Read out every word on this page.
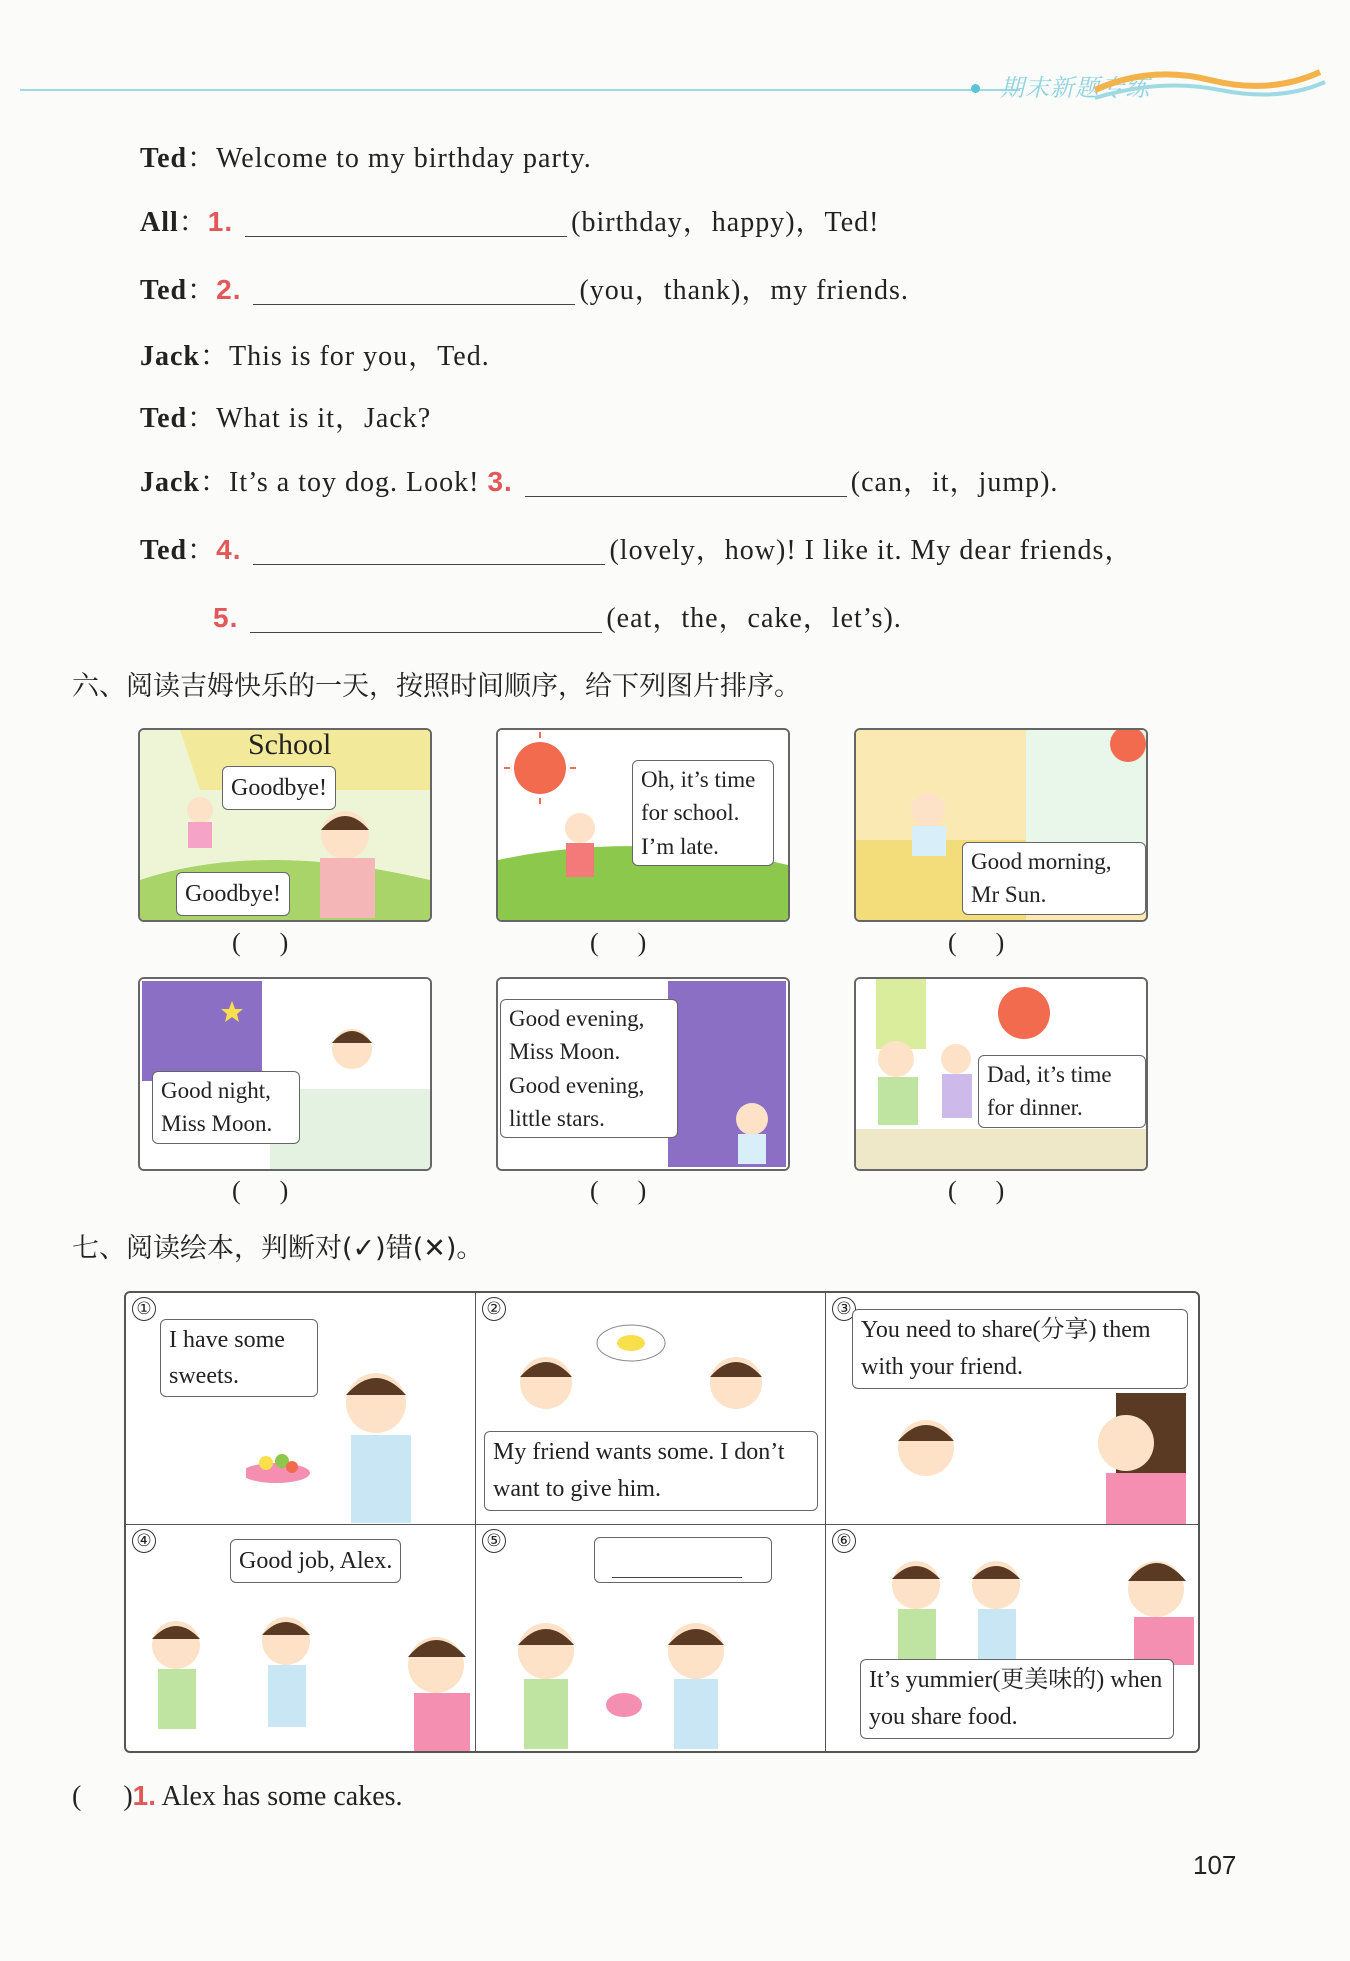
期末新题专练
Ted：Welcome to my birthday party.
All：1.	(birthday，happy)，Ted!
Ted：2.	(you，thank)，my friends.
Jack：This is for you，Ted.
Ted：What is it，Jack?
Jack：It’s a toy dog. Look! 3.	(can，it，jump).
Ted：4.	(lovely，how)! I like it. My dear friends，
5.	(eat，the，cake，let’s).
六、阅读吉姆快乐的一天，按照时间顺序，给下列图片排序。
School
Goodbye!
Goodbye!
Oh, it’s time for school. I’m late.
Good morning, Mr Sun.
(      )	(      )	(      )
Good night, Miss Moon.
Good evening, Miss Moon. Good evening, little stars.
Dad, it’s time for dinner.
(      )	(      )	(      )
七、阅读绘本，判断对(✓)错(✕)。
①
I have some sweets.
②
My friend wants some. I don’t want to give him.
③
You need to share(分享) them with your friend.
④
Good job, Alex.
⑤	⑥
It’s yummier(更美味的) when you share food.
(      )1. Alex has some cakes.
107
